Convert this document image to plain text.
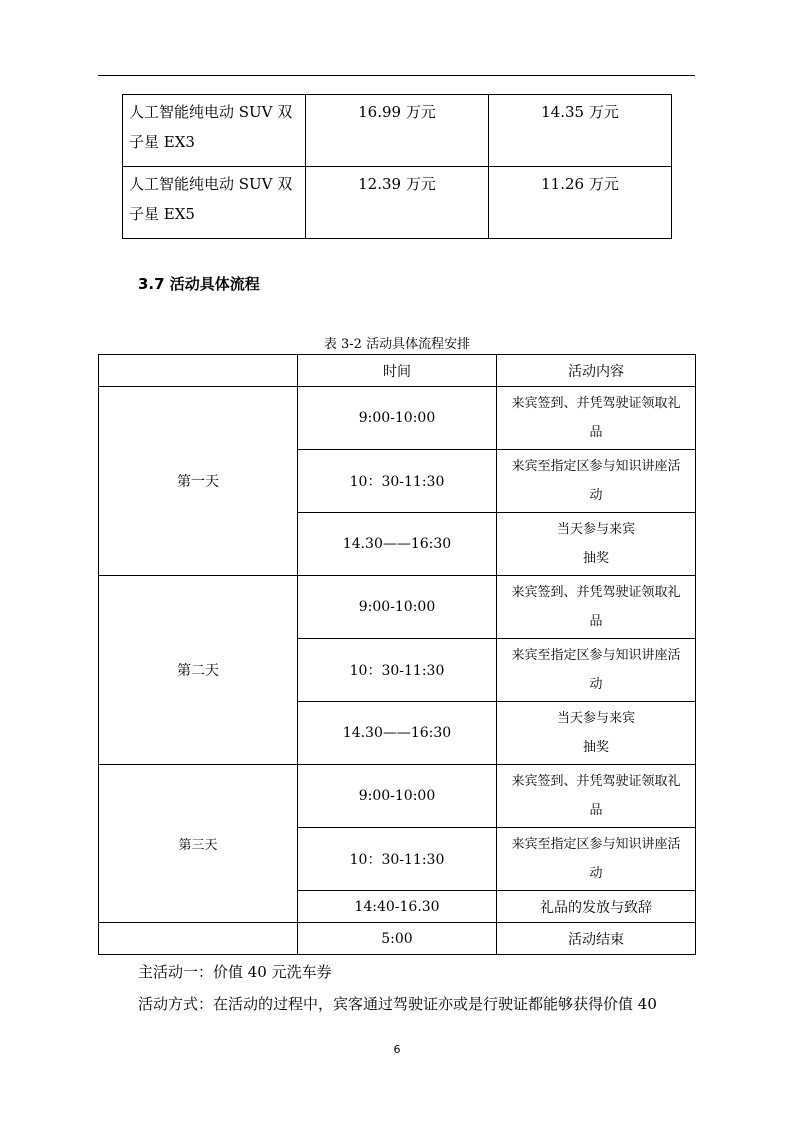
人工智能纯电动 SUV 双
子星 EX3	16.99 万元	14.35 万元
人工智能纯电动 SUV 双
子星 EX5	12.39 万元	11.26 万元
3.7 活动具体流程
表 3-2 活动具体流程安排
	时间	活动内容
第一天	9:00-10:00	来宾签到、并凭驾驶证领取礼
品
	10：30-11:30	来宾至指定区参与知识讲座活
动
	14.30——16:30	当天参与来宾
抽奖
第二天	9:00-10:00	来宾签到、并凭驾驶证领取礼
品
	10：30-11:30	来宾至指定区参与知识讲座活
动
	14.30——16:30	当天参与来宾
抽奖
第三天	9:00-10:00	来宾签到、并凭驾驶证领取礼
品
	10：30-11:30	来宾至指定区参与知识讲座活
动
	14:40-16.30	礼品的发放与致辞
	5:00	活动结束
主活动一：价值 40 元洗车券
活动方式：在活动的过程中，宾客通过驾驶证亦或是行驶证都能够获得价值 40
6
